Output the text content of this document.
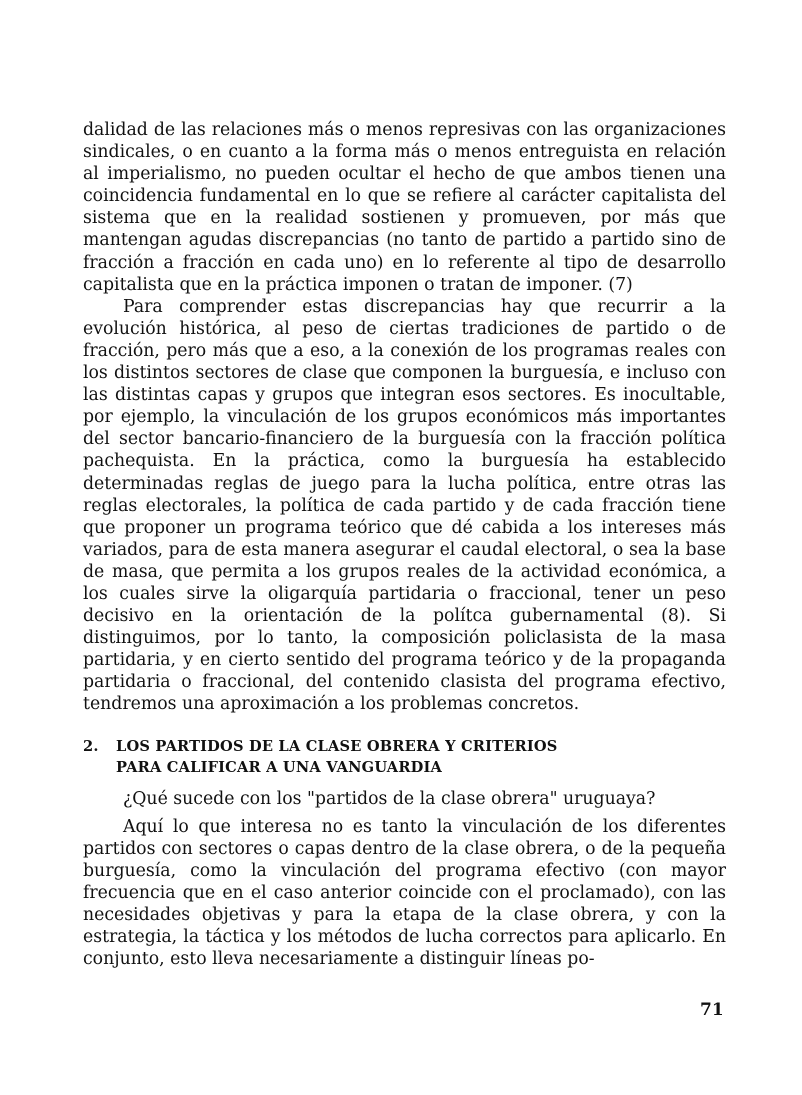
dalidad de las relaciones más o menos represivas con las organizaciones sindicales, o en cuanto a la forma más o menos entreguista en relación al imperialismo, no pueden ocultar el hecho de que ambos tienen una coincidencia fundamental en lo que se refiere al carácter capitalista del sistema que en la realidad sostienen y promueven, por más que mantengan agudas discrepancias (no tanto de partido a partido sino de fracción a fracción en cada uno) en lo referente al tipo de desarrollo capitalista que en la práctica imponen o tratan de imponer. (7)

Para comprender estas discrepancias hay que recurrir a la evolución histórica, al peso de ciertas tradiciones de partido o de fracción, pero más que a eso, a la conexión de los programas reales con los distintos sectores de clase que componen la burguesía, e incluso con las distintas capas y grupos que integran esos sectores. Es inocultable, por ejemplo, la vinculación de los grupos económicos más importantes del sector bancario-financiero de la burguesía con la fracción política pachequista. En la práctica, como la burguesía ha establecido determinadas reglas de juego para la lucha política, entre otras las reglas electorales, la política de cada partido y de cada fracción tiene que proponer un programa teórico que dé cabida a los intereses más variados, para de esta manera asegurar el caudal electoral, o sea la base de masa, que permita a los grupos reales de la actividad económica, a los cuales sirve la oligarquía partidaria o fraccional, tener un peso decisivo en la orientación de la polítca gubernamental (8). Si distinguimos, por lo tanto, la composición policlasista de la masa partidaria, y en cierto sentido del programa teórico y de la propaganda partidaria o fraccional, del contenido clasista del programa efectivo, tendremos una aproximación a los problemas concretos.

2. LOS PARTIDOS DE LA CLASE OBRERA Y CRITERIOS
PARA CALIFICAR A UNA VANGUARDIA

¿Qué sucede con los "partidos de la clase obrera" uruguaya?

Aquí lo que interesa no es tanto la vinculación de los diferentes partidos con sectores o capas dentro de la clase obrera, o de la pequeña burguesía, como la vinculación del programa efectivo (con mayor frecuencia que en el caso anterior coincide con el proclamado), con las necesidades objetivas y para la etapa de la clase obrera, y con la estrategia, la táctica y los métodos de lucha correctos para aplicarlo. En conjunto, esto lleva necesariamente a distinguir líneas po-

71
